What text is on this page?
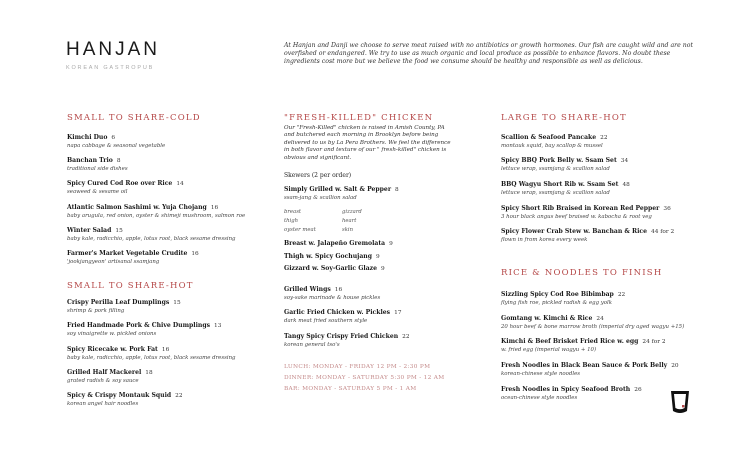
HANJAN
KOREAN GASTROPUB
At Hanjan and Danji we choose to serve meat raised with no antibiotics or growth hormones. Our fish are caught wild and are not overfished or endangered. We try to use as much organic and local produce as possible to enhance flavors. No doubt these ingredients cost more but we believe the food we consume should be healthy and responsible as well as delicious.
SMALL TO SHARE-COLD
Kimchi Duo 6
napa cabbage & seasonal vegetable
Banchan Trio 8
traditional side dishes
Spicy Cured Cod Roe over Rice 14
seaweed & sesame oil
Atlantic Salmon Sashimi w. Yuja Chojang 16
baby arugula, red onion, oyster & shimeji mushroom, salmon roe
Winter Salad 15
baby kale, radicchio, apple, lotus root, black sesame dressing
Farmer's Market Vegetable Crudite 16
'jookjangyeon' artisanal ssamjang
SMALL TO SHARE-HOT
Crispy Perilla Leaf Dumplings 15
shrimp & pork filling
Fried Handmade Pork & Chive Dumplings 13
soy vinaigrette w. pickled onions
Spicy Ricecake w. Pork Fat 16
baby kale, radicchio, apple, lotus root, black sesame dressing
Grilled Half Mackerel 18
grated radish & soy sauce
Spicy & Crispy Montauk Squid 22
korean angel hair noodles
"FRESH-KILLED" CHICKEN
Our "Fresh-Killed" chicken is raised in Amish County, PA and butchered each morning in Brooklyn before being delivered to us by La Pera Brothers. We feel the difference in both flavor and texture of our " fresh-killed" chicken is obvious and significant.
Skewers (2 per order)
Simply Grilled w. Salt & Pepper 8
ssam-jang & scallion salad
breast	gizzard
thigh	heart
oyster meat	skin
Breast w. Jalapeño Gremolata 9
Thigh w. Spicy Gochujang 9
Gizzard w. Soy-Garlic Glaze 9
Grilled Wings 16
soy-sake marinade & house pickles
Garlic Fried Chicken w. Pickles 17
dark meat fried southern style
Tangy Spicy Crispy Fried Chicken 22
korean general tso's
LUNCH: MONDAY - FRIDAY 12 PM - 2:30 PM
DINNER: MONDAY - SATURDAY 5:30 PM - 12 AM
BAR: MONDAY - SATURDAY 5 PM - 1 AM
LARGE TO SHARE-HOT
Scallion & Seafood Pancake 22
montauk squid, bay scallop & mussel
Spicy BBQ Pork Belly w. Ssam Set 34
lettuce wrap, ssamjang & scallion salad
BBQ Wagyu Short Rib w. Ssam Set 48
lettuce wrap, ssamjang & scallion salad
Spicy Short Rib Braised in Korean Red Pepper 36
3 hour black angus beef braised w. kabocha & root veg
Spicy Flower Crab Stew w. Banchan & Rice 44 for 2
flown in from korea every week
RICE & NOODLES TO FINISH
Sizzling Spicy Cod Roe Bibimbap 22
flying fish roe, pickled radish & egg yolk
Gomtang w. Kimchi & Rice 24
20 hour beef & bone marrow broth (imperial dry aged wagyu +15)
Kimchi & Beef Brisket Fried Rice w. egg 24 for 2
w. fried egg (imperial wagyu + 10)
Fresh Noodles in Black Bean Sauce & Pork Belly 20
korean-chinese style noodles
Fresh Noodles in Spicy Seafood Broth 26
ocean-chinese style noodles
